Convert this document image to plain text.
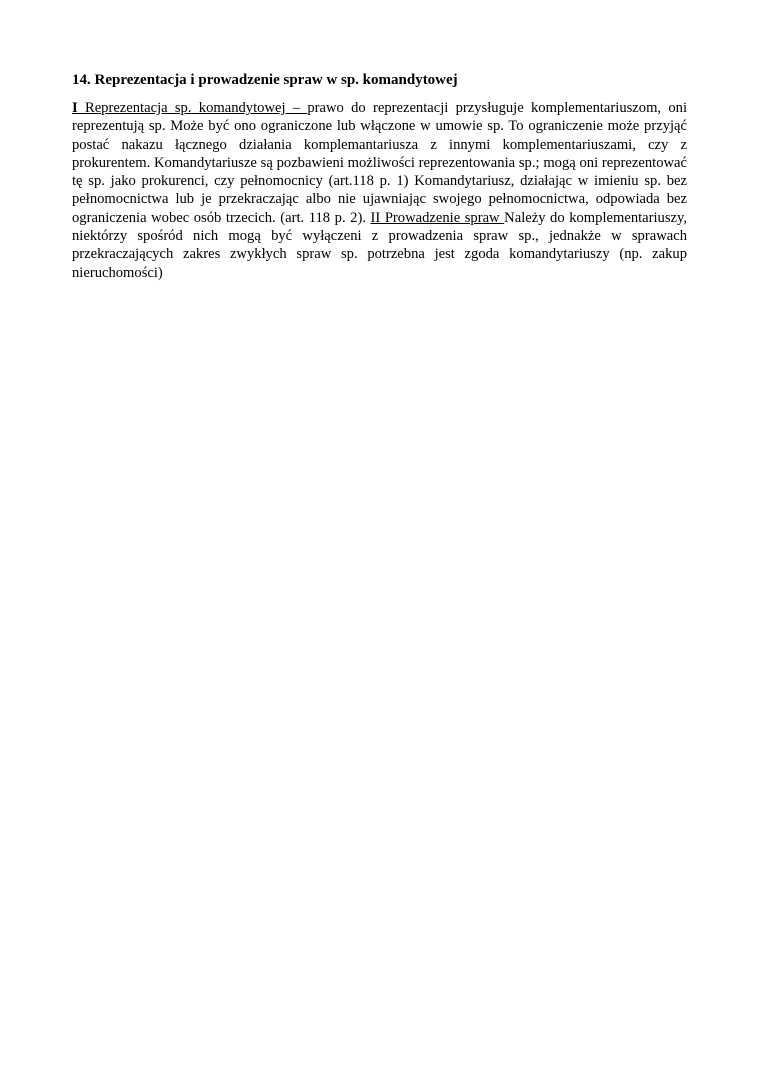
14. Reprezentacja i prowadzenie spraw w sp. komandytowej

I Reprezentacja sp. komandytowej – prawo do reprezentacji przysługuje komplementariuszom, oni reprezentują sp. Może być ono ograniczone lub włączone w umowie sp. To ograniczenie może przyjąć postać nakazu łącznego działania komplemantariusza z innymi komplementariuszami, czy z prokurentem. Komandytariusze są pozbawieni możliwości reprezentowania sp.; mogą oni reprezentować tę sp. jako prokurenci, czy pełnomocnicy (art.118 p. 1) Komandytariusz, działając w imieniu sp. bez pełnomocnictwa lub je przekraczając albo nie ujawniając swojego pełnomocnictwa, odpowiada bez ograniczenia wobec osób trzecich. (art. 118 p. 2). II Prowadzenie spraw Należy do komplementariuszy, niektórzy spośród nich mogą być wyłączeni z prowadzenia spraw sp., jednakże w sprawach przekraczających zakres zwykłych spraw sp. potrzebna jest zgoda komandytariuszy (np. zakup nieruchomości)
